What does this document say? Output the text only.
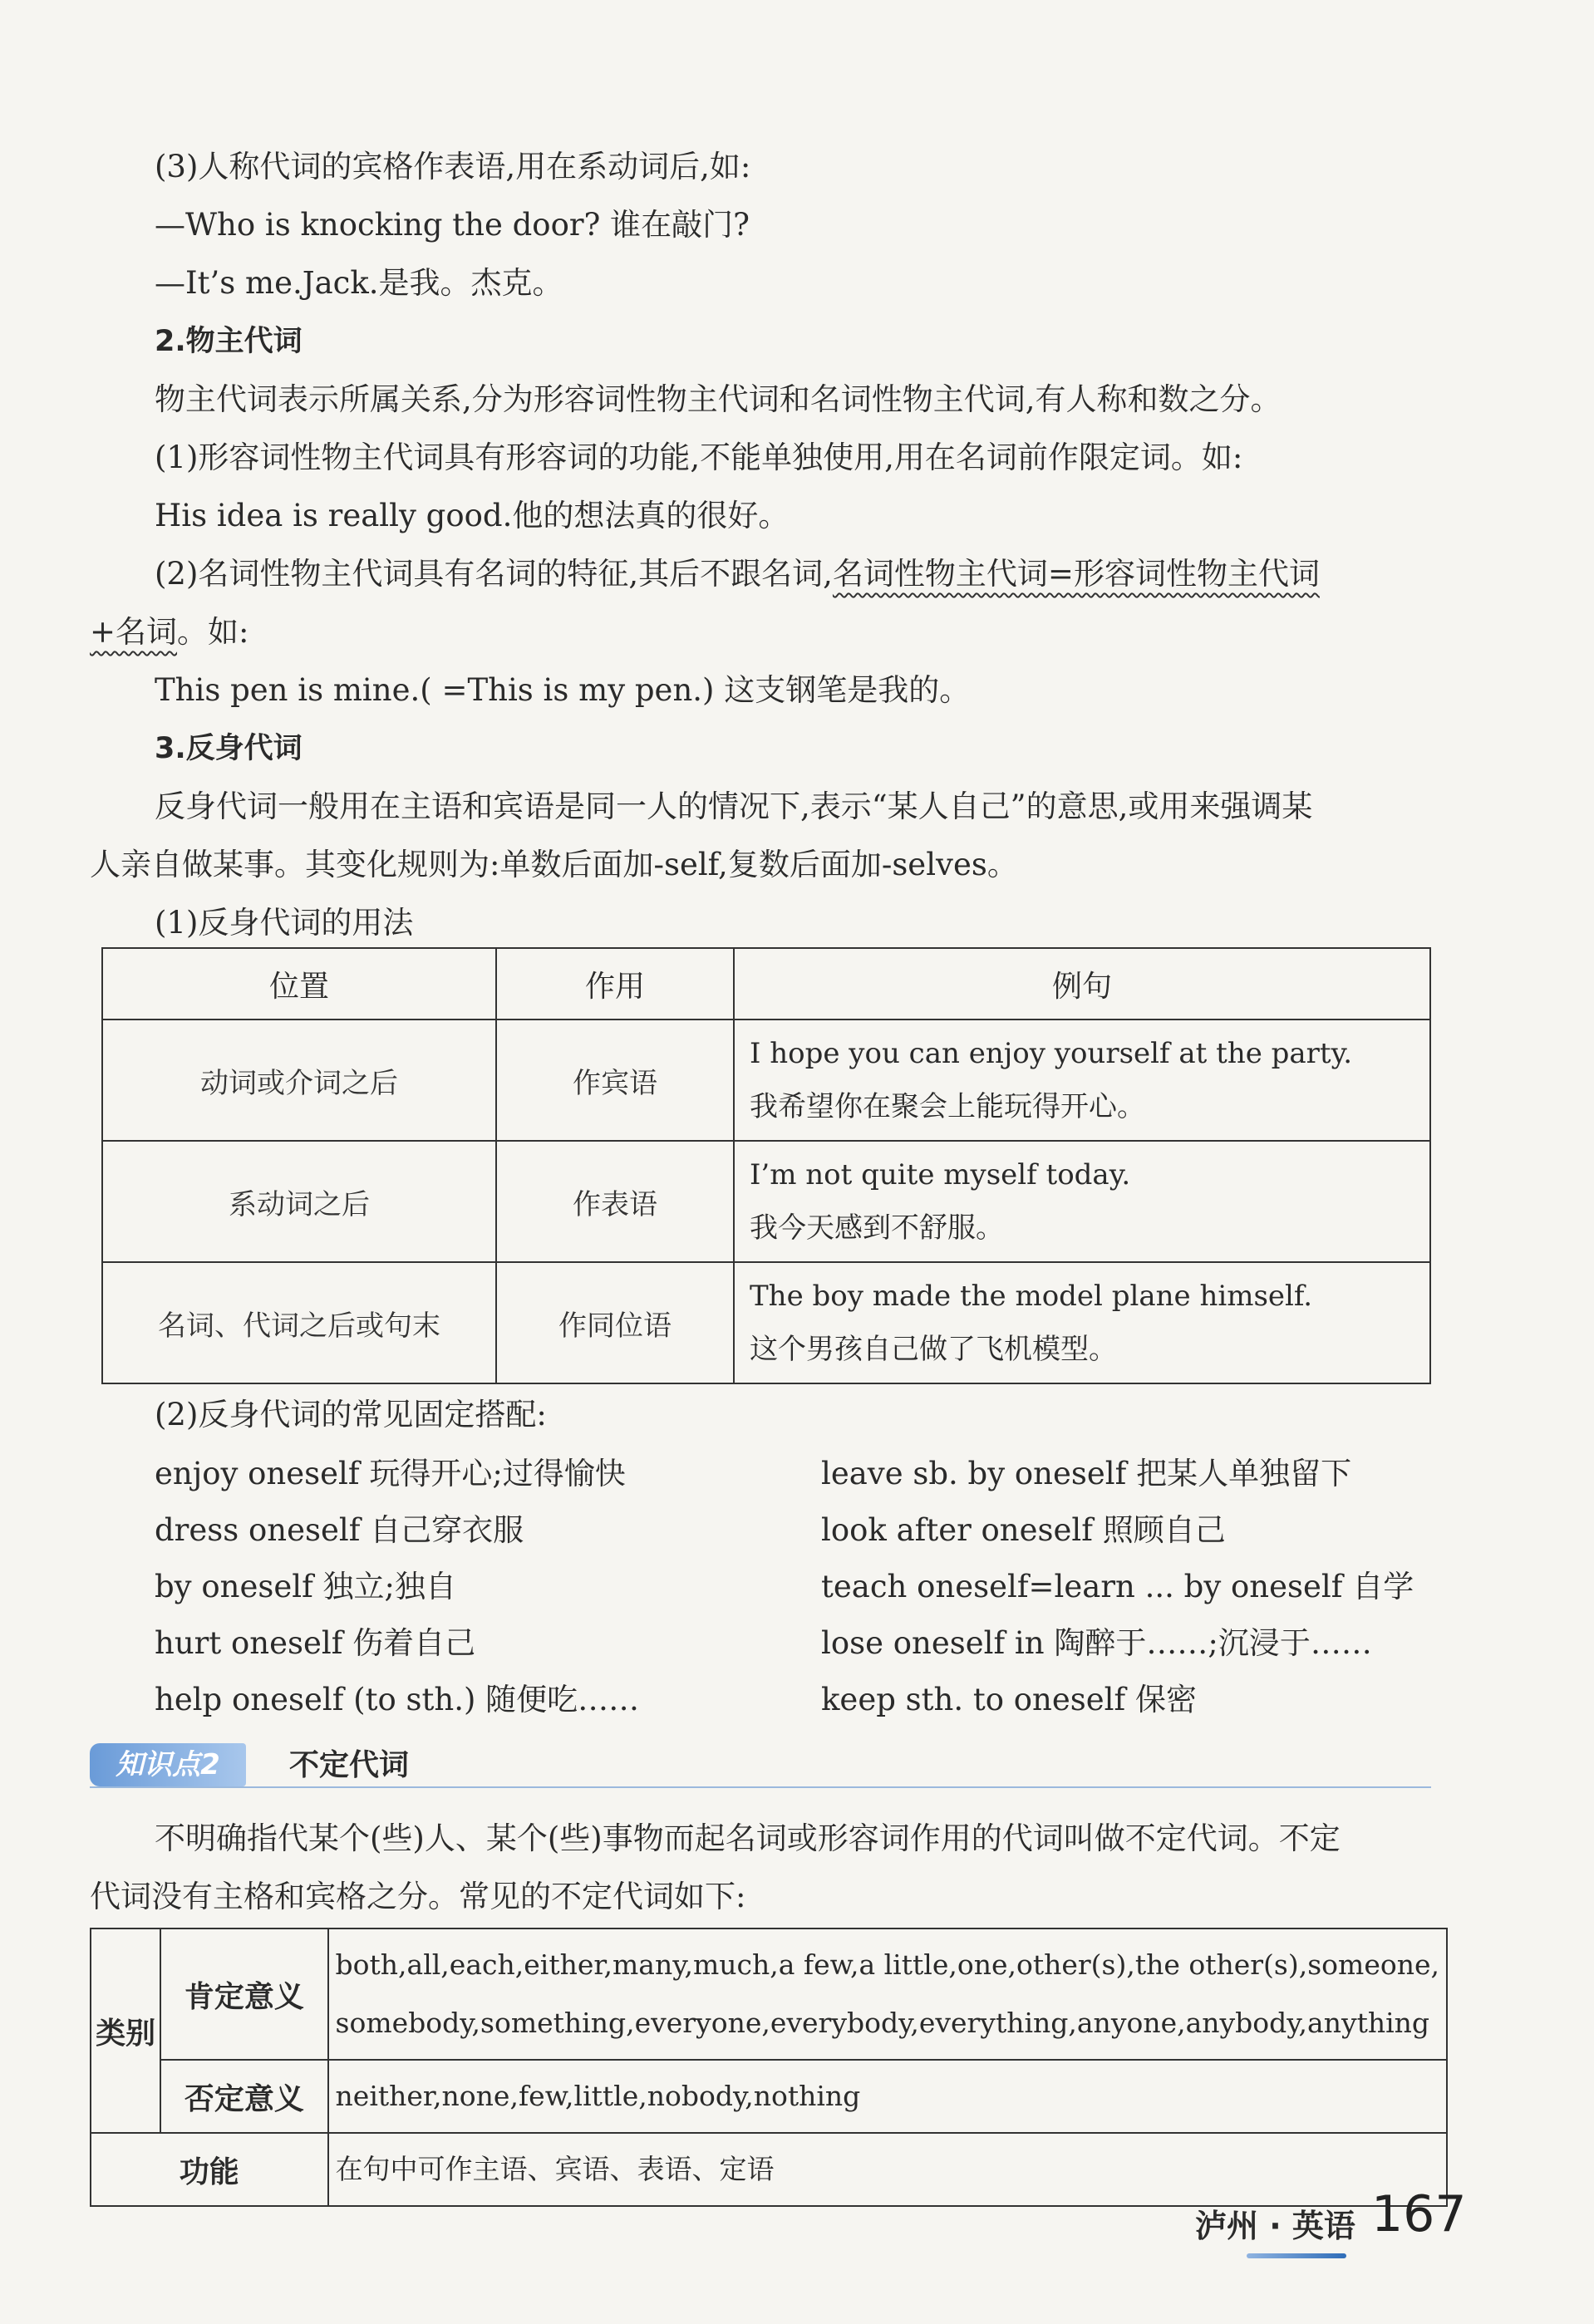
(3)人称代词的宾格作表语,用在系动词后,如:
—Who is knocking the door? 谁在敲门?
—It’s me.Jack.是我。杰克。
2.物主代词
物主代词表示所属关系,分为形容词性物主代词和名词性物主代词,有人称和数之分。
(1)形容词性物主代词具有形容词的功能,不能单独使用,用在名词前作限定词。如:
His idea is really good.他的想法真的很好。
(2)名词性物主代词具有名词的特征,其后不跟名词,名词性物主代词=形容词性物主代词
+名词。如:
This pen is mine.( =This is my pen.) 这支钢笔是我的。
3.反身代词
反身代词一般用在主语和宾语是同一人的情况下,表示“某人自己”的意思,或用来强调某
人亲自做某事。其变化规则为:单数后面加-self,复数后面加-selves。
(1)反身代词的用法
位置	作用	例句
动词或介词之后	作宾语	I hope you can enjoy yourself at the party.
我希望你在聚会上能玩得开心。

系动词之后	作表语	I’m not quite myself today.
我今天感到不舒服。

名词、代词之后或句末	作同位语	The boy made the model plane himself.
这个男孩自己做了飞机模型。
(2)反身代词的常见固定搭配:
enjoy oneself 玩得开心;过得愉快
dress oneself 自己穿衣服
by oneself 独立;独自
hurt oneself 伤着自己
help oneself (to sth.) 随便吃……
leave sb. by oneself 把某人单独留下
look after oneself 照顾自己
teach oneself=learn ... by oneself 自学
lose oneself in 陶醉于……;沉浸于……
keep sth. to oneself 保密
知识点2	不定代词
不明确指代某个(些)人、某个(些)事物而起名词或形容词作用的代词叫做不定代词。不定
代词没有主格和宾格之分。常见的不定代词如下:
类别	肯定意义	both,all,each,either,many,much,a few,a little,one,other(s),the other(s),someone,
somebody,something,everyone,everybody,everything,anyone,anybody,anything

	否定意义	neither,none,few,little,nobody,nothing
功能		在句中可作主语、宾语、表语、定语
泸州 · 英语 167
